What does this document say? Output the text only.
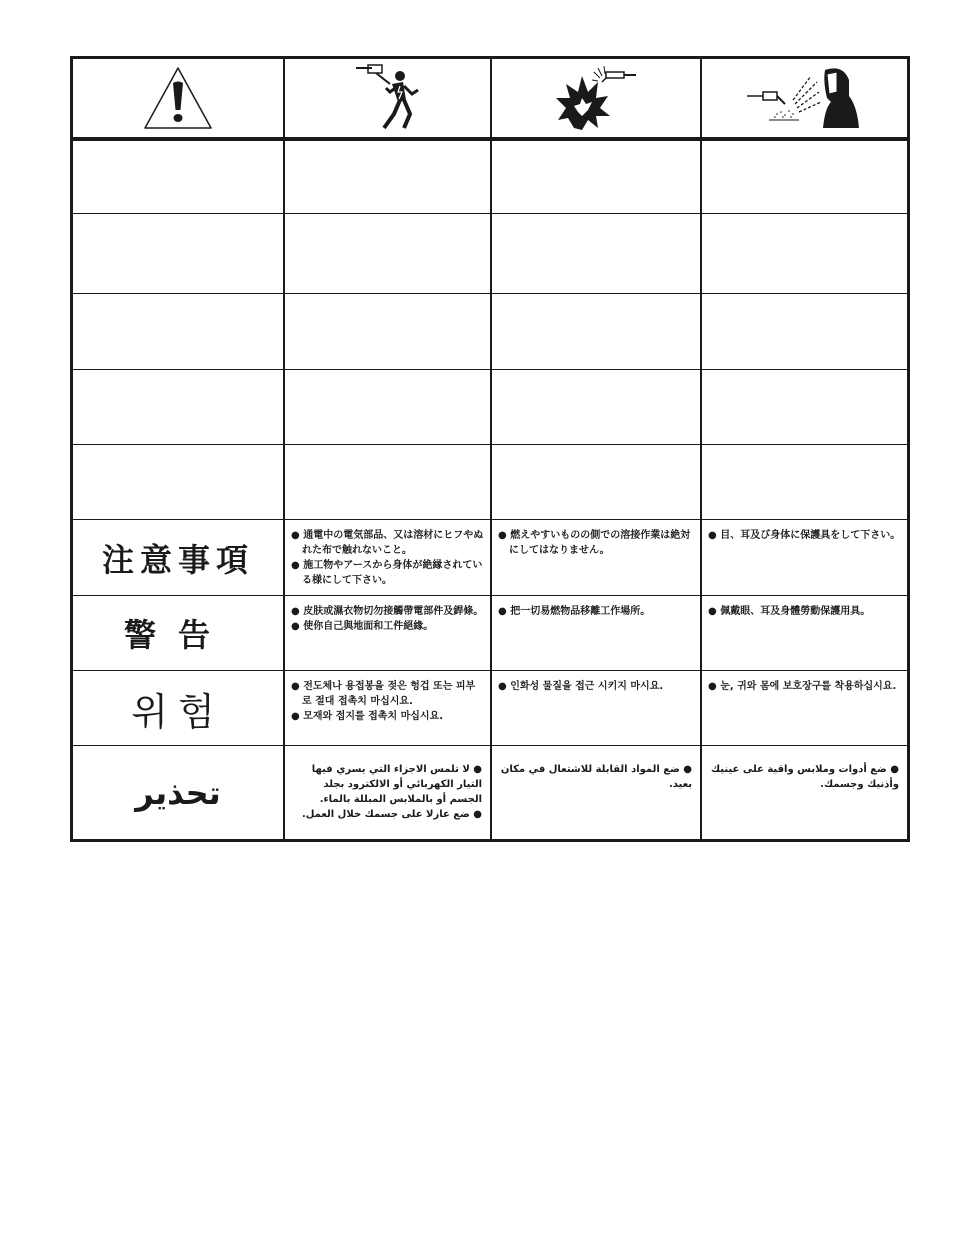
注意事項
● 通電中の電気部品、又は溶材にヒフやぬれた布で触れないこと。
● 施工物やアースから身体が絶縁されている様にして下さい。
● 燃えやすいものの側での溶接作業は絶対にしてはなりません。
● 目、耳及び身体に保護具をして下さい。
警告
● 皮肤或濕衣物切勿接觸帶電部件及銲條。
● 使你自己與地面和工件絕緣。
● 把一切易燃物品移離工作場所。	● 佩戴眼、耳及身體勞動保護用具。
위험
● 전도체나 용접봉을 젖은 헝겁 또는 피부로 절대 접촉치 마십시요.
● 모재와 접지를 접촉치 마십시요.
● 인화성 물질을 접근 시키지 마시요.	● 눈, 귀와 몸에 보호장구를 착용하십시요.
تحذير
● لا تلمس الاجزاء التي يسري فيها التيار الكهربائي أو الالكترود بجلد الجسم أو بالملابس المبللة بالماء.
● ضع عازلا على جسمك خلال العمل.
● ضع المواد القابلة للاشتعال في مكان بعيد.
● ضع أدوات وملابس واقية على عينيك وأذنيك وجسمك.
